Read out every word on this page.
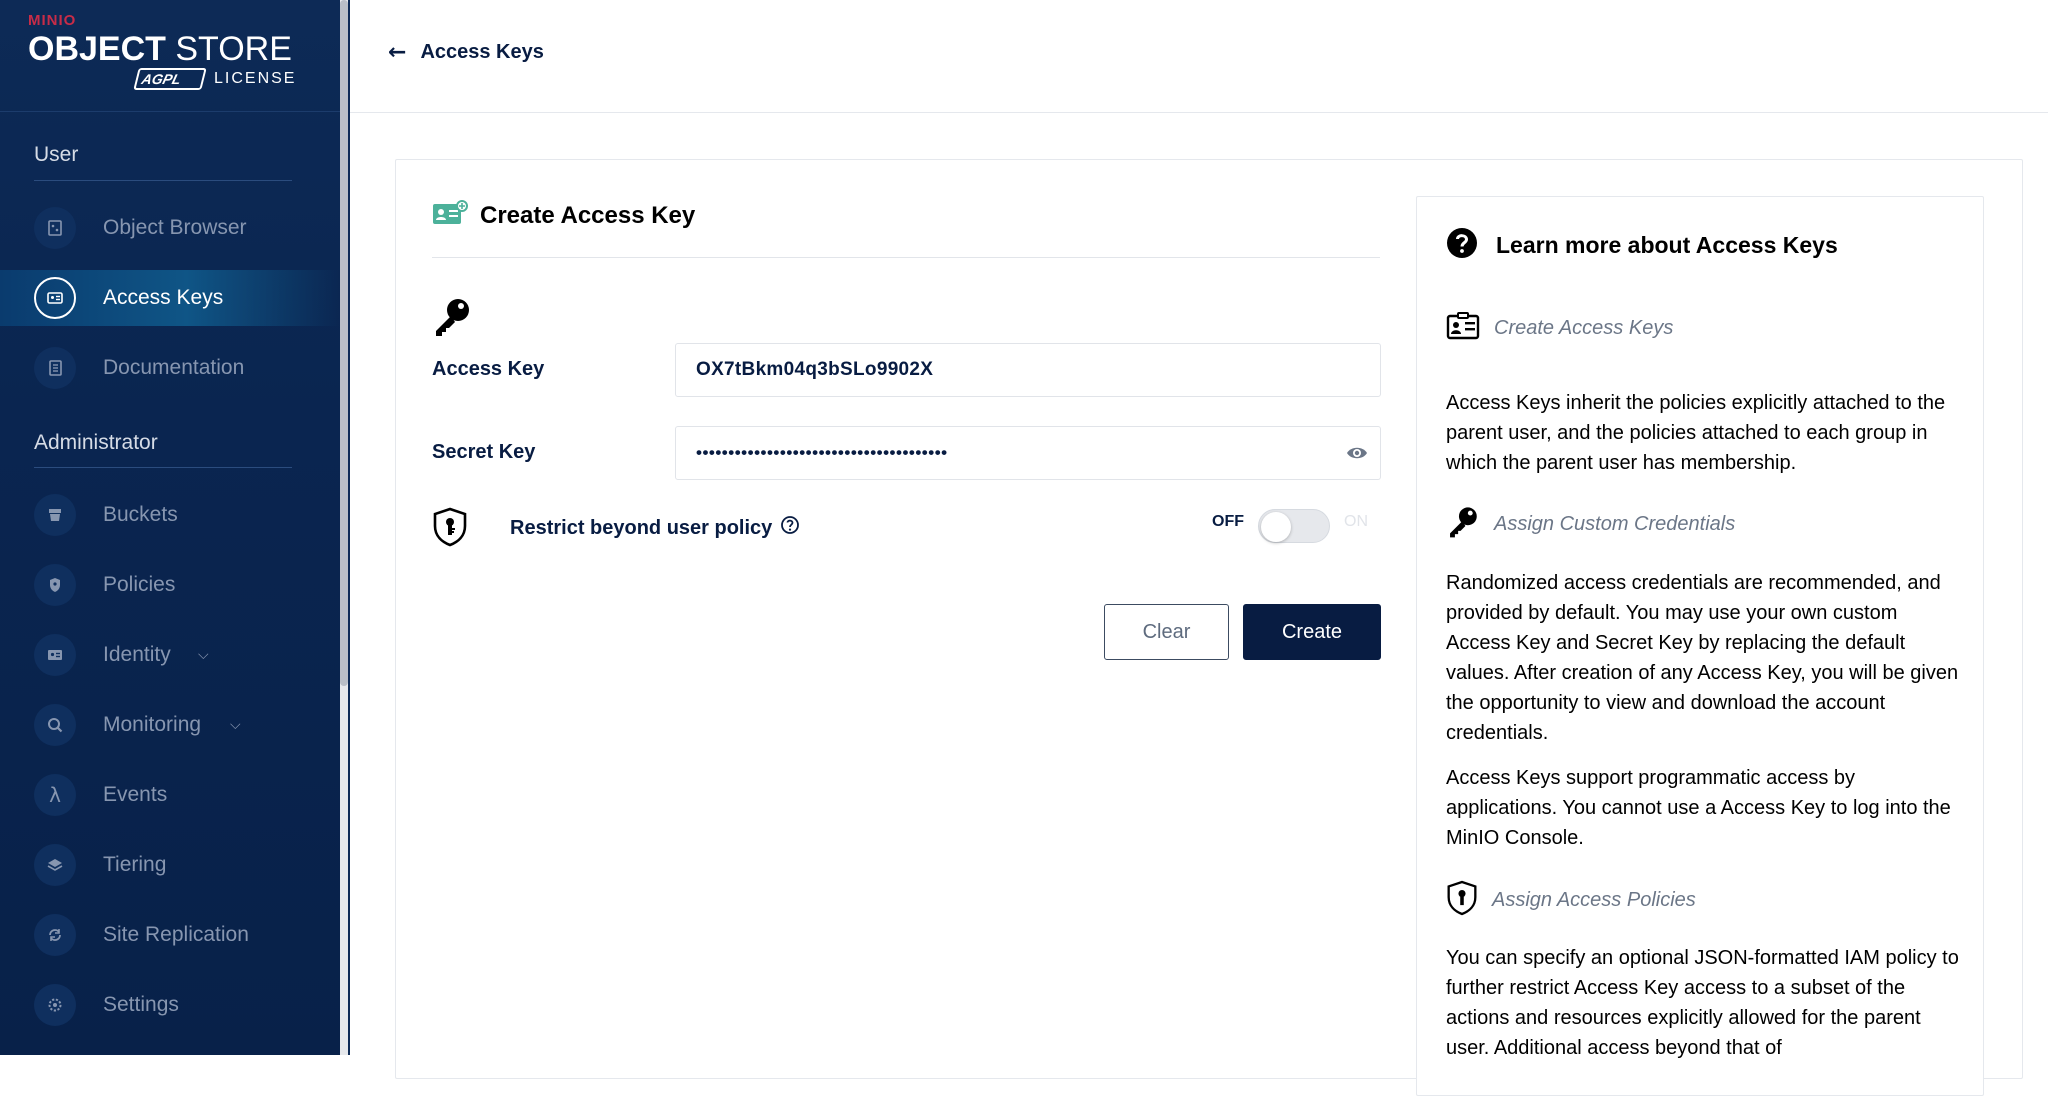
MINIO
OBJECT STORE
AGPL	LICENSE
User
Object Browser
Access Keys
Documentation
Administrator
Buckets
Policies
Identity ⌵
Monitoring ⌵
λ Events
Tiering
Site Replication
Settings
← Access Keys
Create Access Key
Access Key	OX7tBkm04q3bSLo9902X
Secret Key	•••••••••••••••••••••••••••••••••••••••
Restrict beyond user policy	OFF	ON
Clear	Create
Learn more about Access Keys
Create Access Keys
Access Keys inherit the policies explicitly attached to the parent user, and the policies attached to each group in which the parent user has membership.
Assign Custom Credentials
Randomized access credentials are recommended, and provided by default. You may use your own custom Access Key and Secret Key by replacing the default values. After creation of any Access Key, you will be given the opportunity to view and download the account credentials.
Access Keys support programmatic access by applications. You cannot use a Access Key to log into the MinIO Console.
Assign Access Policies
You can specify an optional JSON-formatted IAM policy to further restrict Access Key access to a subset of the actions and resources explicitly allowed for the parent user. Additional access beyond that of
